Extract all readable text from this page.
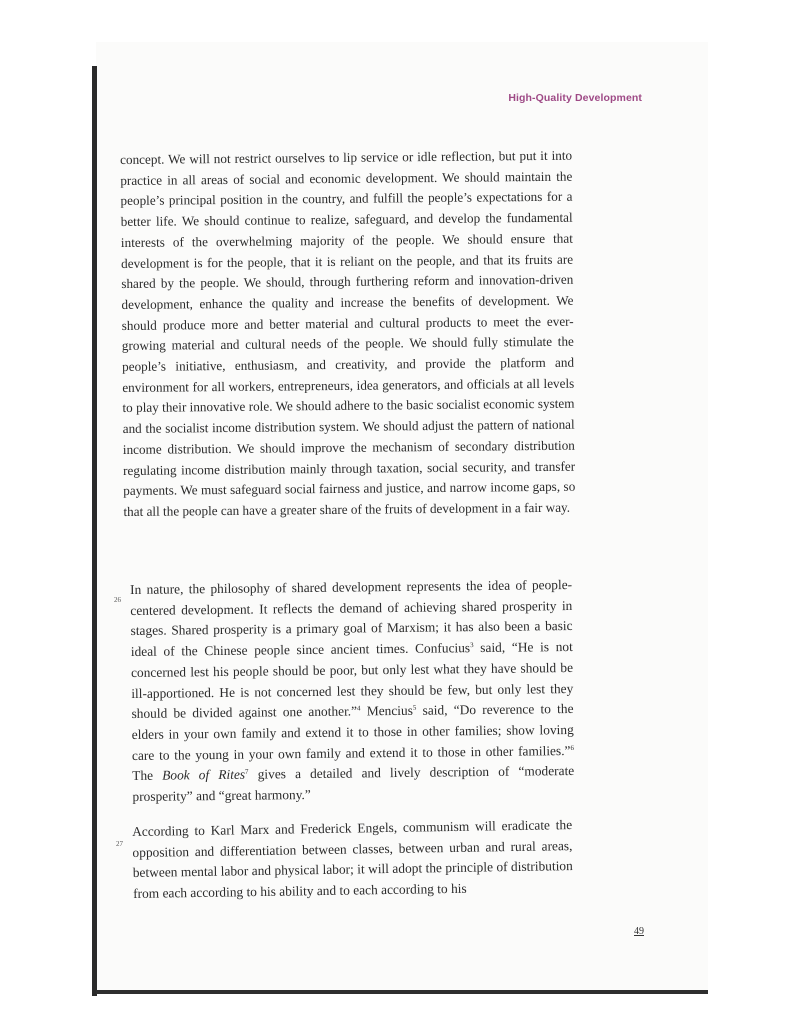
High-Quality Development

concept. We will not restrict ourselves to lip service or idle reflection, but put it into practice in all areas of social and economic development. We should maintain the people’s principal position in the country, and fulfill the people’s expectations for a better life. We should continue to realize, safeguard, and develop the fundamental interests of the overwhelming majority of the people. We should ensure that development is for the people, that it is reliant on the people, and that its fruits are shared by the people. We should, through furthering reform and innovation-driven development, enhance the quality and increase the benefits of development. We should produce more and better material and cultural products to meet the ever-growing material and cultural needs of the people. We should fully stimulate the people’s initiative, enthusiasm, and creativity, and provide the platform and environment for all workers, entrepreneurs, idea generators, and officials at all levels to play their innovative role. We should adhere to the basic socialist economic system and the socialist income distribution system. We should adjust the pattern of national income distribution. We should improve the mechanism of secondary distribution regulating income distribution mainly through taxation, social security, and transfer payments. We must safeguard social fairness and justice, and narrow income gaps, so that all the people can have a greater share of the fruits of development in a fair way.

26

In nature, the philosophy of shared development represents the idea of people-centered development. It reflects the demand of achieving shared prosperity in stages. Shared prosperity is a primary goal of Marxism; it has also been a basic ideal of the Chinese people since ancient times. Confucius$^3$ said, “He is not concerned lest his people should be poor, but only lest what they have should be ill-apportioned. He is not concerned lest they should be few, but only lest they should be divided against one another.”$^4$ Mencius$^5$ said, “Do reverence to the elders in your own family and extend it to those in other families; show loving care to the young in your own family and extend it to those in other families.”$^6$ The Book of Rites$^7$ gives a detailed and lively description of “moderate prosperity” and “great harmony.”

27

According to Karl Marx and Frederick Engels, communism will eradicate the opposition and differentiation between classes, between urban and rural areas, between mental labor and physical labor; it will adopt the principle of distribution from each according to his ability and to each according to his

49
